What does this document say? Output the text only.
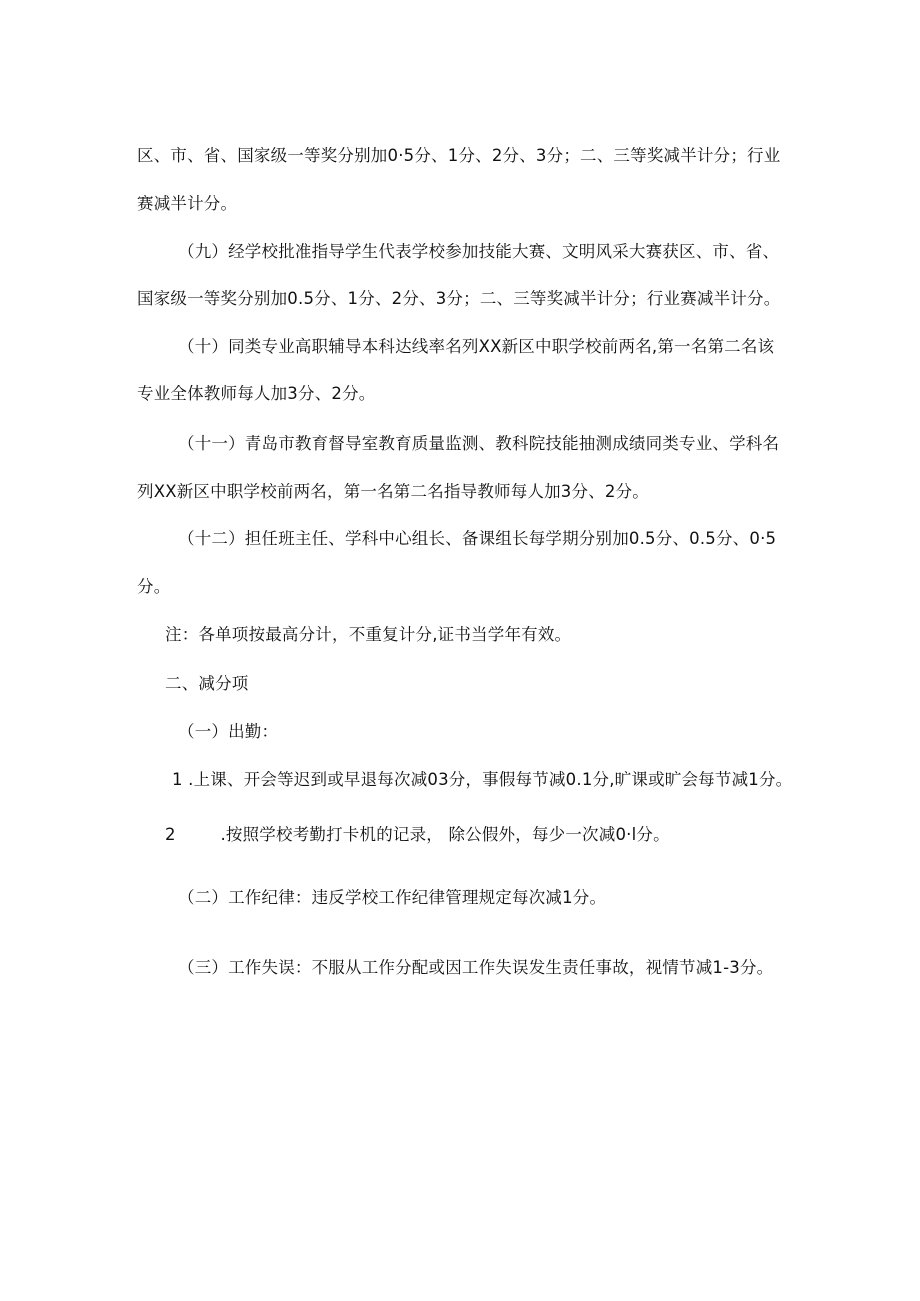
区、市、省、国家级一等奖分别加0·5分、1分、2分、3分；二、三等奖减半计分；行业
赛减半计分。
（九）经学校批准指导学生代表学校参加技能大赛、文明风采大赛获区、市、省、
国家级一等奖分别加0.5分、1分、2分、3分；二、三等奖减半计分；行业赛减半计分。
（十）同类专业高职辅导本科达线率名列XX新区中职学校前两名,第一名第二名该
专业全体教师每人加3分、2分。
（十一）青岛市教育督导室教育质量监测、教科院技能抽测成绩同类专业、学科名
列XX新区中职学校前两名，第一名第二名指导教师每人加3分、2分。
（十二）担任班主任、学科中心组长、备课组长每学期分别加0.5分、0.5分、0·5
分。
注：各单项按最高分计，不重复计分,证书当学年有效。
二、减分项
（一）出勤：
1 .上课、开会等迟到或早退每次减03分，事假每节减0.1分,旷课或旷会每节减1分。
2	.按照学校考勤打卡机的记录， 除公假外，每少一次减0·l分。
（二）工作纪律：违反学校工作纪律管理规定每次减1分。
（三）工作失误：不服从工作分配或因工作失误发生责任事故，视情节减1-3分。
